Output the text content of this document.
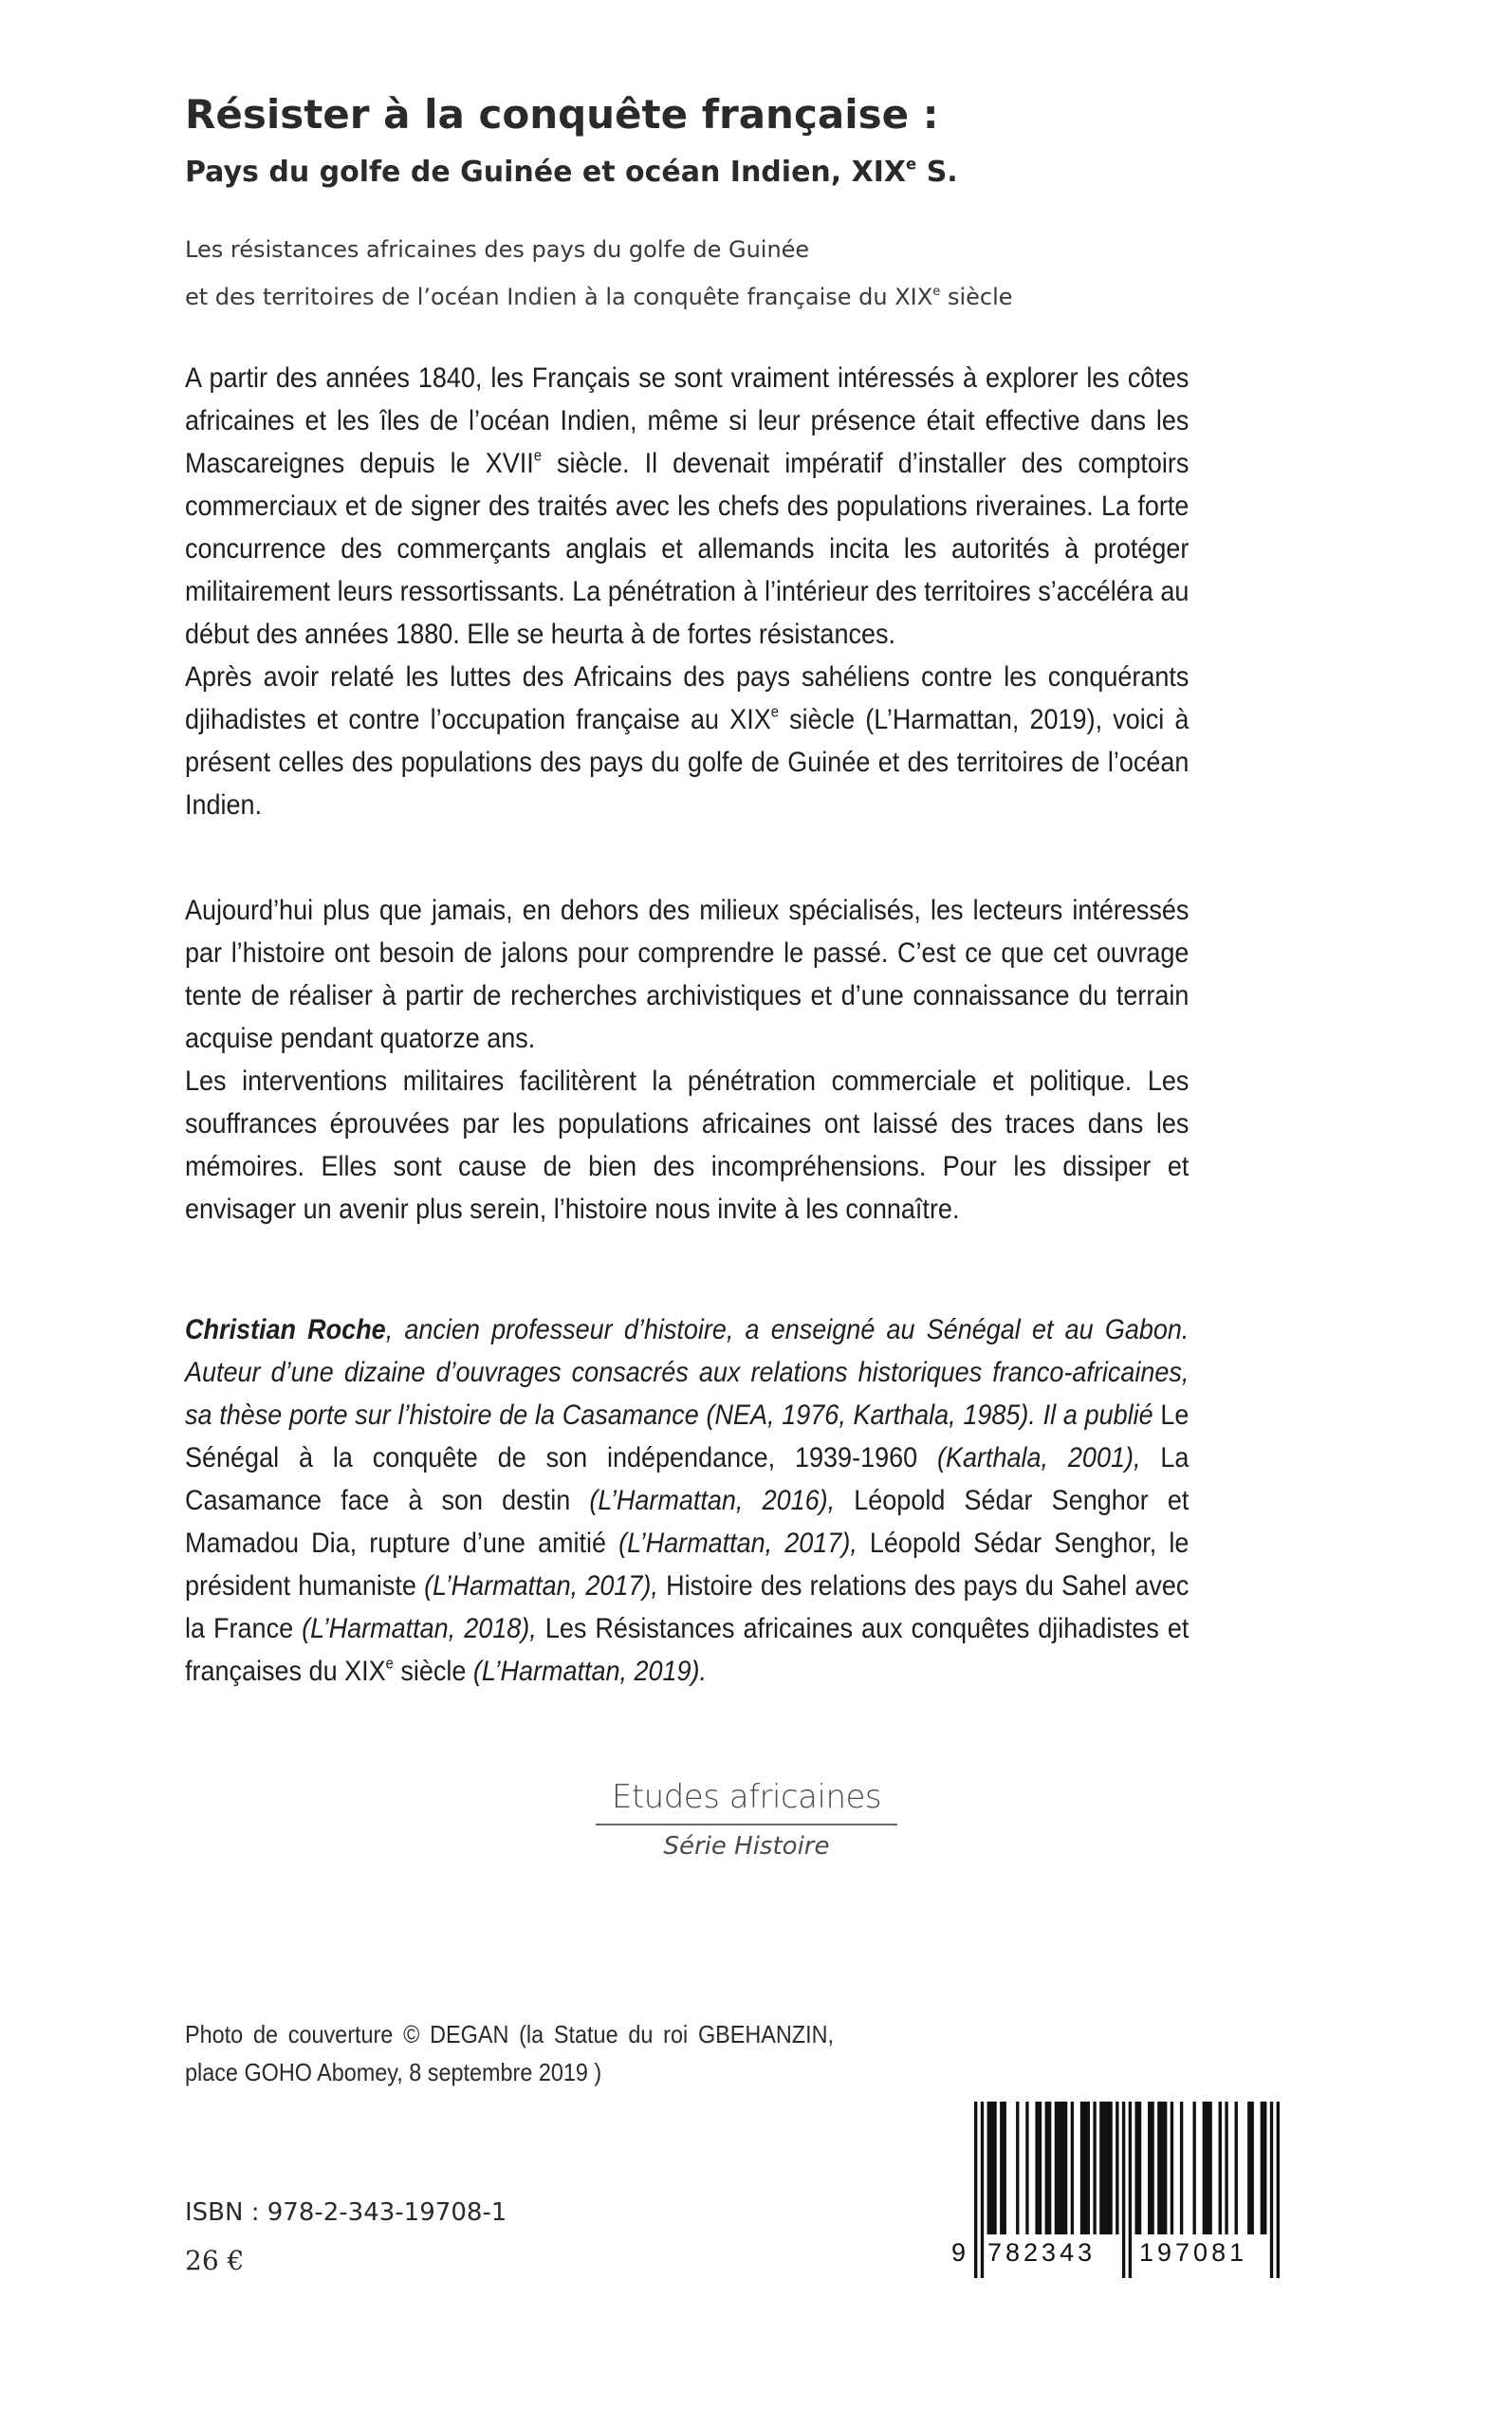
Résister à la conquête française :
Pays du golfe de Guinée et océan Indien, XIXe S.
Les résistances africaines des pays du golfe de Guinée
et des territoires de l’océan Indien à la conquête française du XIXe siècle

A partir des années 1840, les Français se sont vraiment intéressés à explorer les côtes africaines et les îles de l’océan Indien, même si leur présence était effective dans les Mascareignes depuis le XVIIe siècle. Il devenait impératif d’installer des comptoirs commerciaux et de signer des traités avec les chefs des populations riveraines. La forte concurrence des commerçants anglais et allemands incita les autorités à protéger militairement leurs ressortissants. La pénétration à l’intérieur des territoires s’accéléra au début des années 1880. Elle se heurta à de fortes résistances.

Après avoir relaté les luttes des Africains des pays sahéliens contre les conquérants djihadistes et contre l’occupation française au XIXe siècle (L’Harmattan, 2019), voici à présent celles des populations des pays du golfe de Guinée et des territoires de l’océan Indien.

Aujourd’hui plus que jamais, en dehors des milieux spécialisés, les lecteurs intéressés par l’histoire ont besoin de jalons pour comprendre le passé. C’est ce que cet ouvrage tente de réaliser à partir de recherches archivistiques et d’une connaissance du terrain acquise pendant quatorze ans.

Les interventions militaires facilitèrent la pénétration commerciale et politique. Les souffrances éprouvées par les populations africaines ont laissé des traces dans les mémoires. Elles sont cause de bien des incompréhensions. Pour les dissiper et envisager un avenir plus serein, l’histoire nous invite à les connaître.

Christian Roche, ancien professeur d’histoire, a enseigné au Sénégal et au Gabon. Auteur d’une dizaine d’ouvrages consacrés aux relations historiques franco-africaines, sa thèse porte sur l’histoire de la Casamance (NEA, 1976, Karthala, 1985). Il a publié Le Sénégal à la conquête de son indépendance, 1939-1960 (Karthala, 2001), La Casamance face à son destin (L’Harmattan, 2016), Léopold Sédar Senghor et Mamadou Dia, rupture d’une amitié (L’Harmattan, 2017), Léopold Sédar Senghor, le président humaniste (L’Harmattan, 2017), Histoire des relations des pays du Sahel avec la France (L’Harmattan, 2018), Les Résistances africaines aux conquêtes djihadistes et françaises du XIXe siècle (L’Harmattan, 2019).

Etudes africaines
Série Histoire
Photo de couverture © DEGAN (la Statue du roi GBEHANZIN, place GOHO Abomey, 8 septembre 2019 )
ISBN : 978-2-343-19708-1
26 €	9 782343 197081
